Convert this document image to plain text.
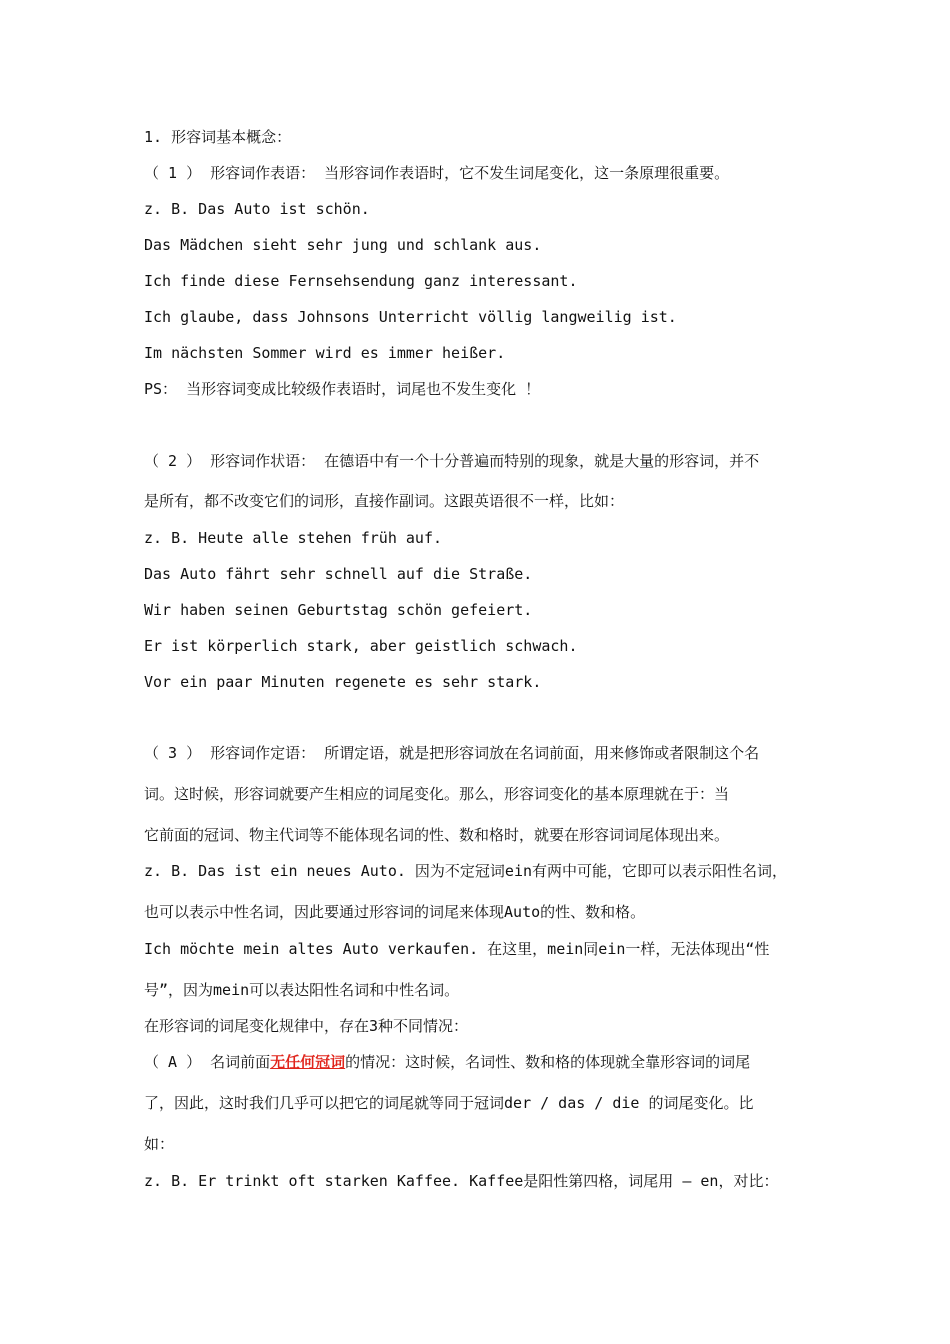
1. 形容词基本概念：
（ 1 ） 形容词作表语： 当形容词作表语时，它不发生词尾变化，这一条原理很重要。
z. B. Das Auto ist schön.
Das Mädchen sieht sehr jung und schlank aus.
Ich finde diese Fernsehsendung ganz interessant.
Ich glaube, dass Johnsons Unterricht völlig langweilig ist.
Im nächsten Sommer wird es immer heißer.
PS： 当形容词变成比较级作表语时，词尾也不发生变化 ！
（ 2 ） 形容词作状语： 在德语中有一个十分普遍而特别的现象，就是大量的形容词，并不
是所有，都不改变它们的词形，直接作副词。这跟英语很不一样，比如：
z. B. Heute alle stehen früh auf.
Das Auto fährt sehr schnell auf die Straße.
Wir haben seinen Geburtstag schön gefeiert.
Er ist körperlich stark, aber geistlich schwach.
Vor ein paar Minuten regenete es sehr stark.
（ 3 ） 形容词作定语： 所谓定语，就是把形容词放在名词前面，用来修饰或者限制这个名
词。这时候，形容词就要产生相应的词尾变化。那么，形容词变化的基本原理就在于：当
它前面的冠词、物主代词等不能体现名词的性、数和格时，就要在形容词词尾体现出来。
z. B. Das ist ein neues Auto. 因为不定冠词ein有两中可能，它即可以表示阳性名词，
也可以表示中性名词，因此要通过形容词的词尾来体现Auto的性、数和格。
Ich möchte mein altes Auto verkaufen. 在这里，mein同ein一样，无法体现出“性
号”，因为mein可以表达阳性名词和中性名词。
在形容词的词尾变化规律中，存在3种不同情况：
（ A ） 名词前面无任何冠词的情况：这时候，名词性、数和格的体现就全靠形容词的词尾
了，因此，这时我们几乎可以把它的词尾就等同于冠词der / das / die 的词尾变化。比
如：
z. B. Er trinkt oft starken Kaffee. Kaffee是阳性第四格，词尾用 – en，对比：
